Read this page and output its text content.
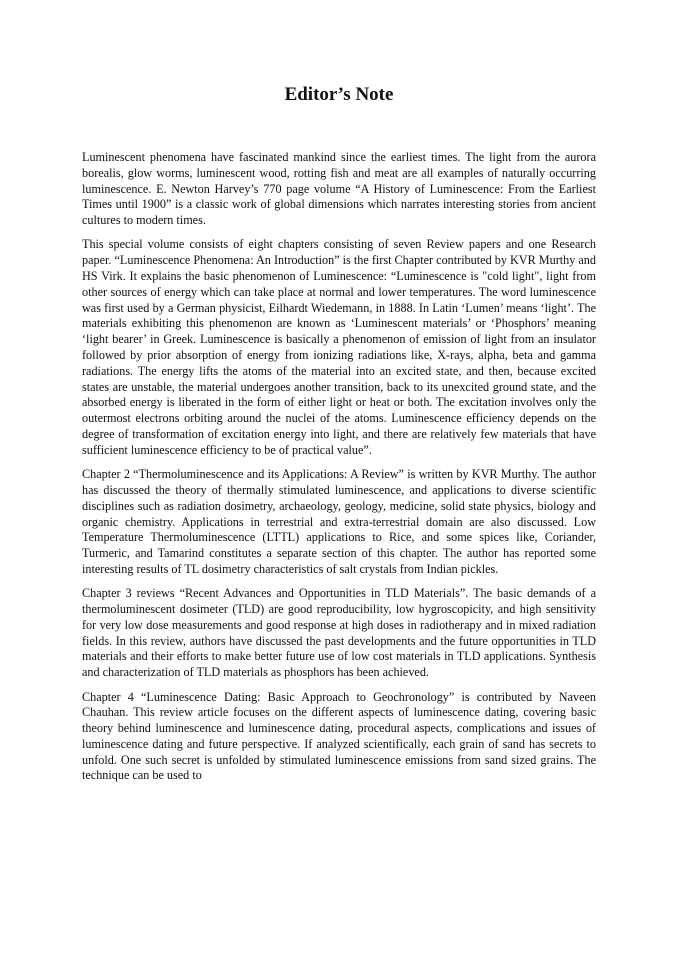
Editor’s Note

Luminescent phenomena have fascinated mankind since the earliest times. The light from the aurora borealis, glow worms, luminescent wood, rotting fish and meat are all examples of naturally occurring luminescence. E. Newton Harvey’s 770 page volume “A History of Luminescence: From the Earliest Times until 1900” is a classic work of global dimensions which narrates interesting stories from ancient cultures to modern times.

This special volume consists of eight chapters consisting of seven Review papers and one Research paper. “Luminescence Phenomena: An Introduction” is the first Chapter contributed by KVR Murthy and HS Virk. It explains the basic phenomenon of Luminescence: “Luminescence is "cold light", light from other sources of energy which can take place at normal and lower temperatures. The word luminescence was first used by a German physicist, Eilhardt Wiedemann, in 1888. In Latin ‘Lumen’ means ‘light’. The materials exhibiting this phenomenon are known as ‘Luminescent materials’ or ‘Phosphors’ meaning ‘light bearer’ in Greek. Luminescence is basically a phenomenon of emission of light from an insulator followed by prior absorption of energy from ionizing radiations like, X-rays, alpha, beta and gamma radiations. The energy lifts the atoms of the material into an excited state, and then, because excited states are unstable, the material undergoes another transition, back to its unexcited ground state, and the absorbed energy is liberated in the form of either light or heat or both. The excitation involves only the outermost electrons orbiting around the nuclei of the atoms. Luminescence efficiency depends on the degree of transformation of excitation energy into light, and there are relatively few materials that have sufficient luminescence efficiency to be of practical value”.

Chapter 2 “Thermoluminescence and its Applications: A Review” is written by KVR Murthy. The author has discussed the theory of thermally stimulated luminescence, and applications to diverse scientific disciplines such as radiation dosimetry, archaeology, geology, medicine, solid state physics, biology and organic chemistry. Applications in terrestrial and extra-terrestrial domain are also discussed. Low Temperature Thermoluminescence (LTTL) applications to Rice, and some spices like, Coriander, Turmeric, and Tamarind constitutes a separate section of this chapter. The author has reported some interesting results of TL dosimetry characteristics of salt crystals from Indian pickles.

Chapter 3 reviews “Recent Advances and Opportunities in TLD Materials”. The basic demands of a thermoluminescent dosimeter (TLD) are good reproducibility, low hygroscopicity, and high sensitivity for very low dose measurements and good response at high doses in radiotherapy and in mixed radiation fields. In this review, authors have discussed the past developments and the future opportunities in TLD materials and their efforts to make better future use of low cost materials in TLD applications. Synthesis and characterization of TLD materials as phosphors has been achieved.

Chapter 4 “Luminescence Dating: Basic Approach to Geochronology” is contributed by Naveen Chauhan. This review article focuses on the different aspects of luminescence dating, covering basic theory behind luminescence and luminescence dating, procedural aspects, complications and issues of luminescence dating and future perspective. If analyzed scientifically, each grain of sand has secrets to unfold. One such secret is unfolded by stimulated luminescence emissions from sand sized grains. The technique can be used to
